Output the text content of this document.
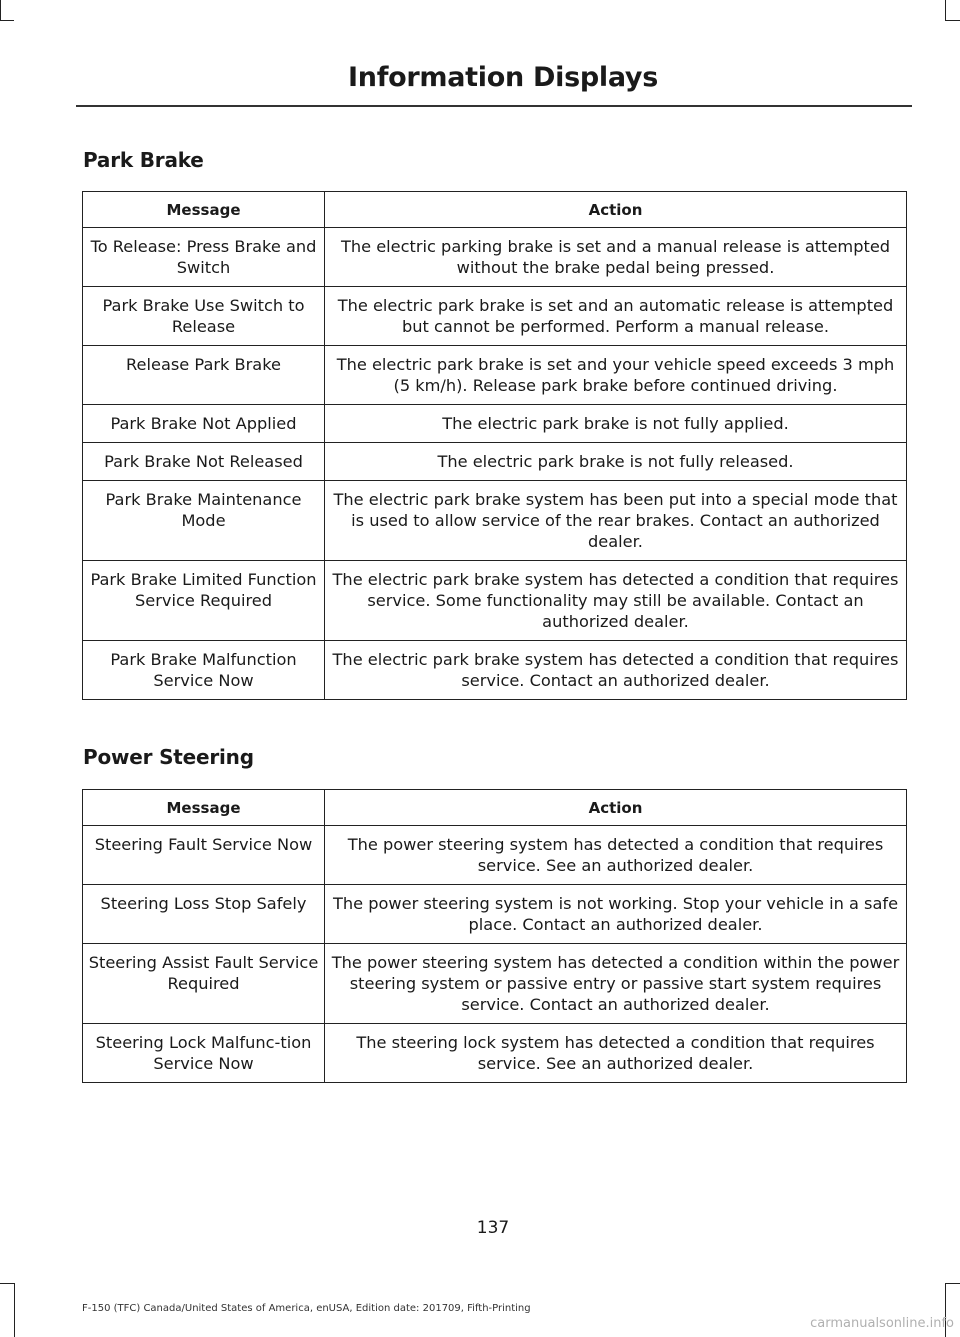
Information Displays
Park Brake
Message	Action
To Release: Press Brake and Switch	The electric parking brake is set and a manual release is attempted without the brake pedal being pressed.
Park Brake Use Switch to Release	The electric park brake is set and an automatic release is attempted but cannot be performed. Perform a manual release.
Release Park Brake	The electric park brake is set and your vehicle speed exceeds 3 mph (5 km/h). Release park brake before continued driving.
Park Brake Not Applied	The electric park brake is not fully applied.
Park Brake Not Released	The electric park brake is not fully released.
Park Brake Maintenance Mode	The electric park brake system has been put into a special mode that is used to allow service of the rear brakes. Contact an authorized dealer.
Park Brake Limited Function Service Required	The electric park brake system has detected a condition that requires service. Some functionality may still be available. Contact an authorized dealer.
Park Brake Malfunction Service Now	The electric park brake system has detected a condition that requires service. Contact an authorized dealer.
Power Steering
Message	Action
Steering Fault Service Now	The power steering system has detected a condition that requires service. See an authorized dealer.
Steering Loss Stop Safely	The power steering system is not working. Stop your vehicle in a safe place. Contact an authorized dealer.
Steering Assist Fault Service Required	The power steering system has detected a condition within the power steering system or passive entry or passive start system requires service. Contact an authorized dealer.
Steering Lock Malfunc-tion Service Now	The steering lock system has detected a condition that requires service. See an authorized dealer.
137
F-150 (TFC) Canada/United States of America, enUSA, Edition date: 201709, Fifth-Printing
carmanualsonline.info
